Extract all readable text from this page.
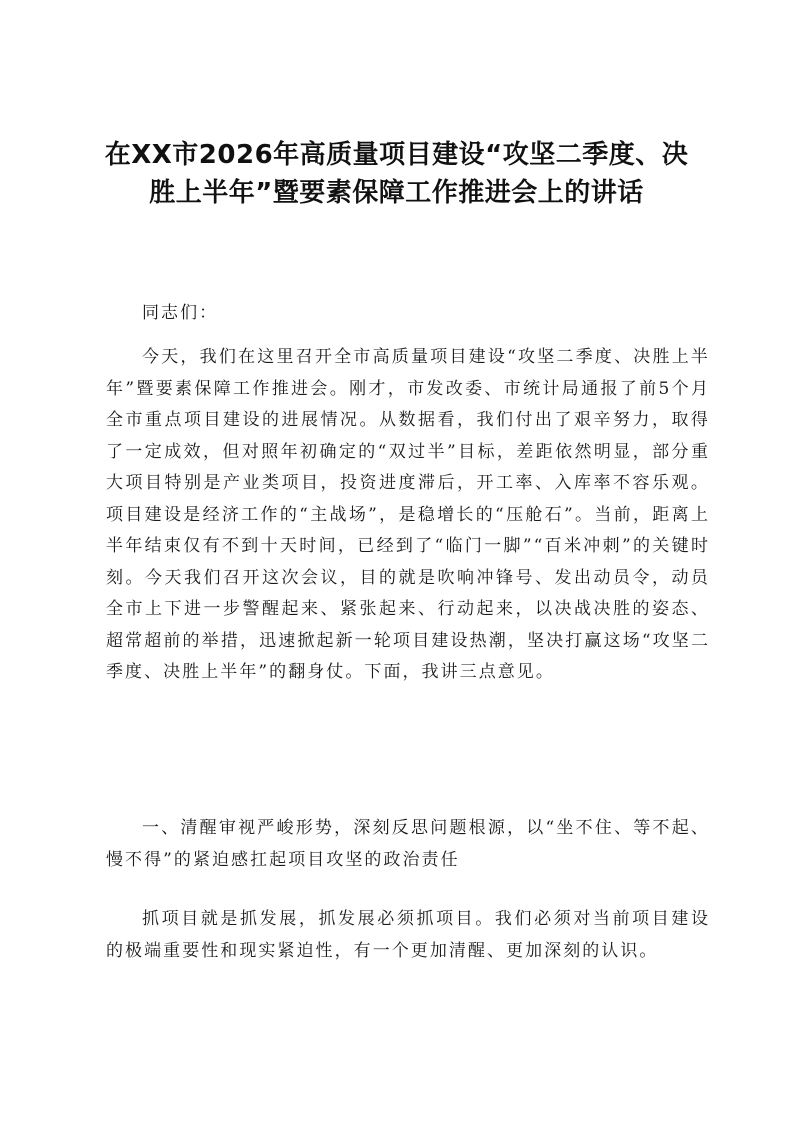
在XX市2026年高质量项目建设“攻坚二季度、决胜上半年”暨要素保障工作推进会上的讲话

同志们：

今天，我们在这里召开全市高质量项目建设“攻坚二季度、决胜上半年”暨要素保障工作推进会。刚才，市发改委、市统计局通报了前5个月全市重点项目建设的进展情况。从数据看，我们付出了艰辛努力，取得了一定成效，但对照年初确定的“双过半”目标，差距依然明显，部分重大项目特别是产业类项目，投资进度滞后，开工率、入库率不容乐观。项目建设是经济工作的“主战场”，是稳增长的“压舱石”。当前，距离上半年结束仅有不到十天时间，已经到了“临门一脚”“百米冲刺”的关键时刻。今天我们召开这次会议，目的就是吹响冲锋号、发出动员令，动员全市上下进一步警醒起来、紧张起来、行动起来，以决战决胜的姿态、超常超前的举措，迅速掀起新一轮项目建设热潮，坚决打赢这场“攻坚二季度、决胜上半年”的翻身仗。下面，我讲三点意见。

一、清醒审视严峻形势，深刻反思问题根源，以“坐不住、等不起、慢不得”的紧迫感扛起项目攻坚的政治责任

抓项目就是抓发展，抓发展必须抓项目。我们必须对当前项目建设的极端重要性和现实紧迫性，有一个更加清醒、更加深刻的认识。
